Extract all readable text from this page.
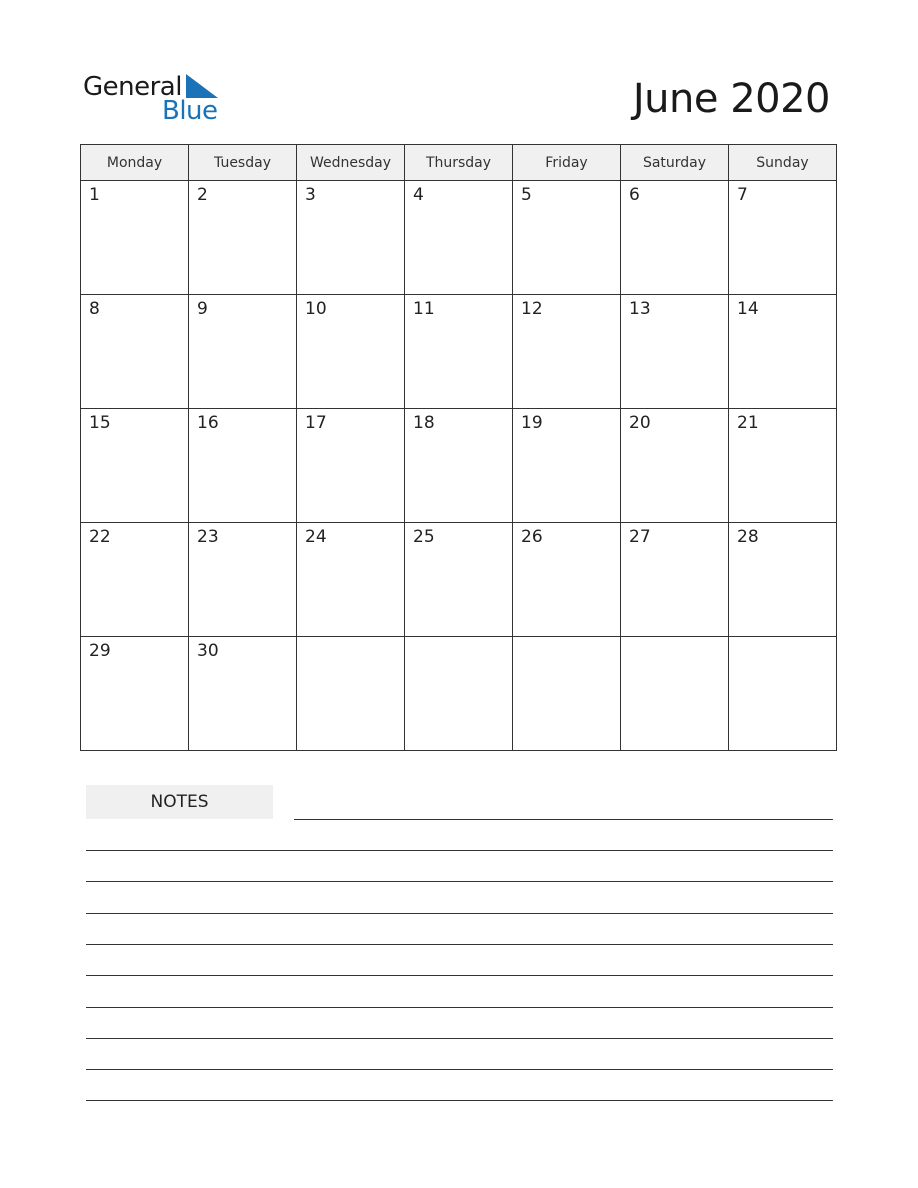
General
Blue	June 2020
Monday	Tuesday	Wednesday	Thursday	Friday	Saturday	Sunday

1	2	3	4	5	6	7

8	9	10	11	12	13	14

15	16	17	18	19	20	21

22	23	24	25	26	27	28

29	30					

NOTES
